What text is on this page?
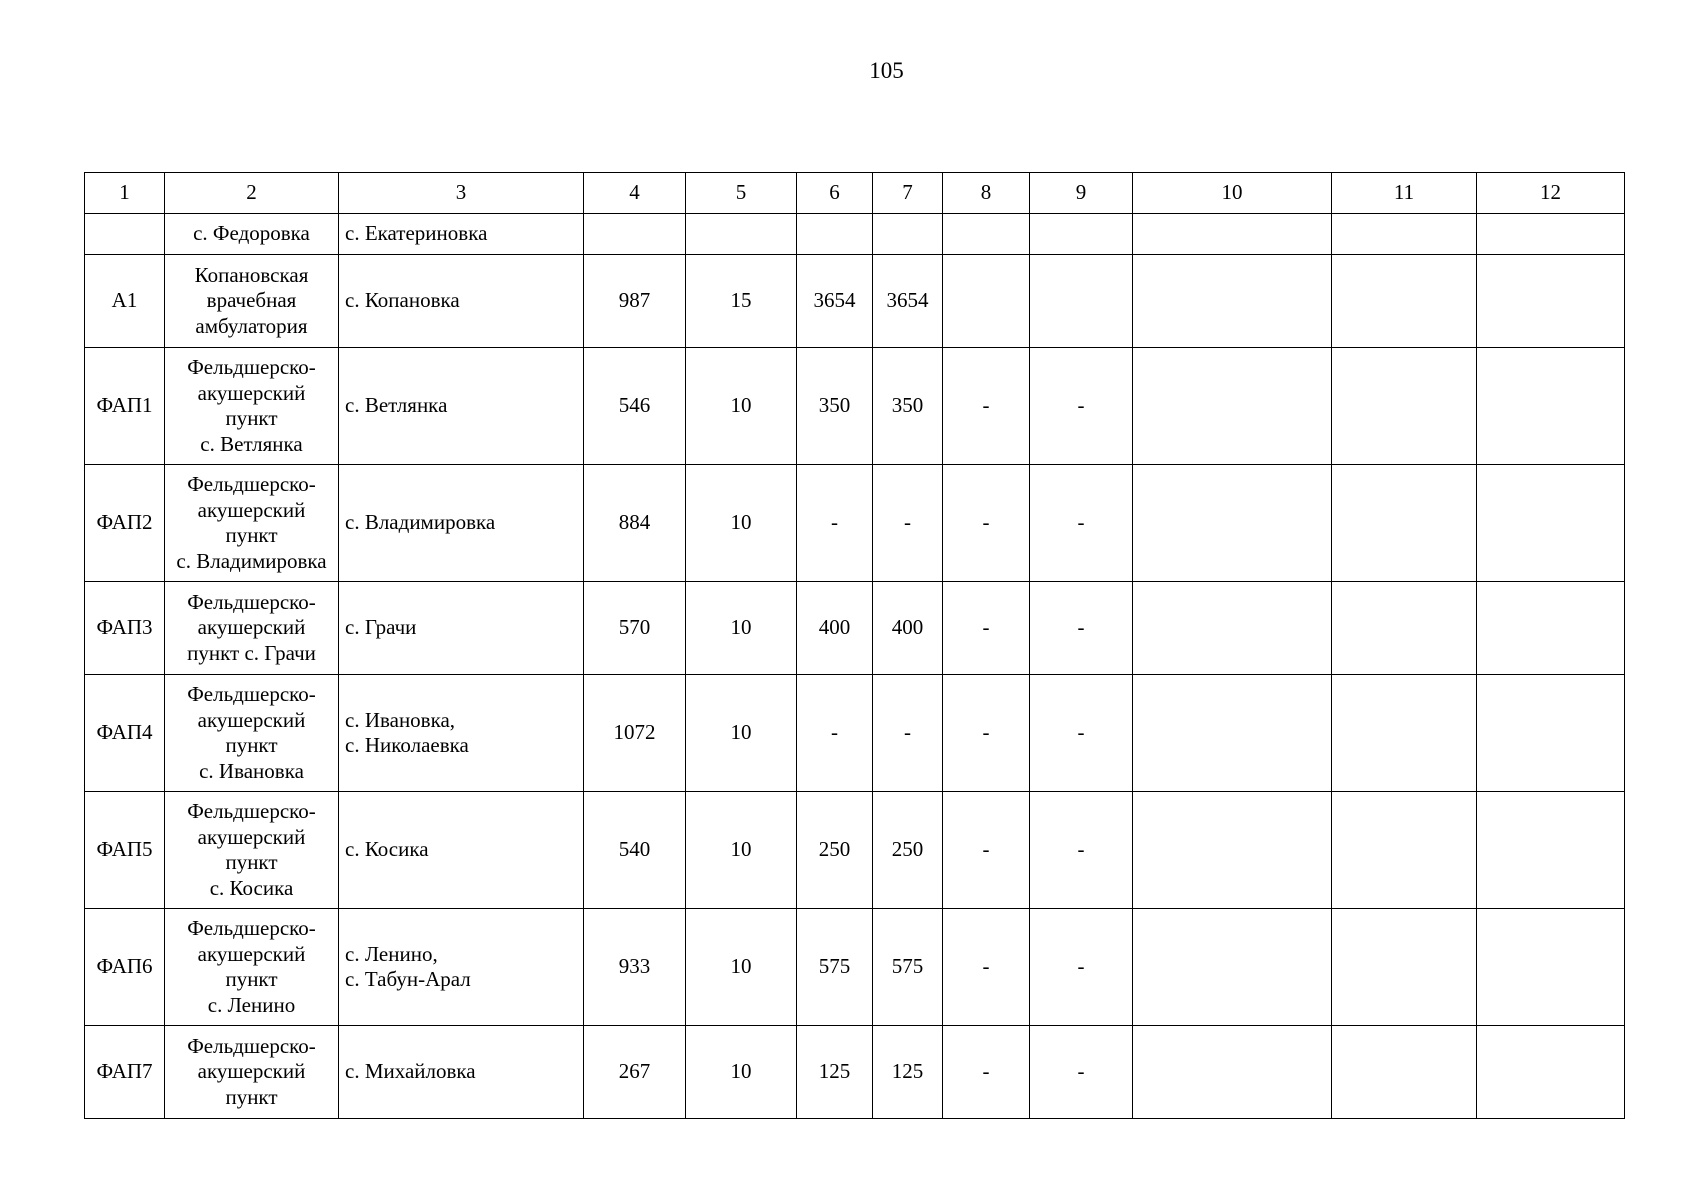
105
1	2	3	4	5	6	7	8	9	10	11	12
	с. Федоровка	с. Екатериновка									
А1	Копановская
врачебная
амбулатория	с. Копановка	987	15	3654	3654					
ФАП1	Фельдшерско-
акушерский
пункт
с. Ветлянка	с. Ветлянка	546	10	350	350	-	-			
ФАП2	Фельдшерско-
акушерский
пункт
с. Владимировка	с. Владимировка	884	10	-	-	-	-			
ФАП3	Фельдшерско-
акушерский
пункт с. Грачи	с. Грачи	570	10	400	400	-	-			
ФАП4	Фельдшерско-
акушерский
пункт
с. Ивановка	с. Ивановка,
с. Николаевка	1072	10	-	-	-	-			
ФАП5	Фельдшерско-
акушерский
пункт
с. Косика	с. Косика	540	10	250	250	-	-			
ФАП6	Фельдшерско-
акушерский
пункт
с. Ленино	с. Ленино,
с. Табун-Арал	933	10	575	575	-	-			
ФАП7	Фельдшерско-
акушерский
пункт	с. Михайловка	267	10	125	125	-	-			
